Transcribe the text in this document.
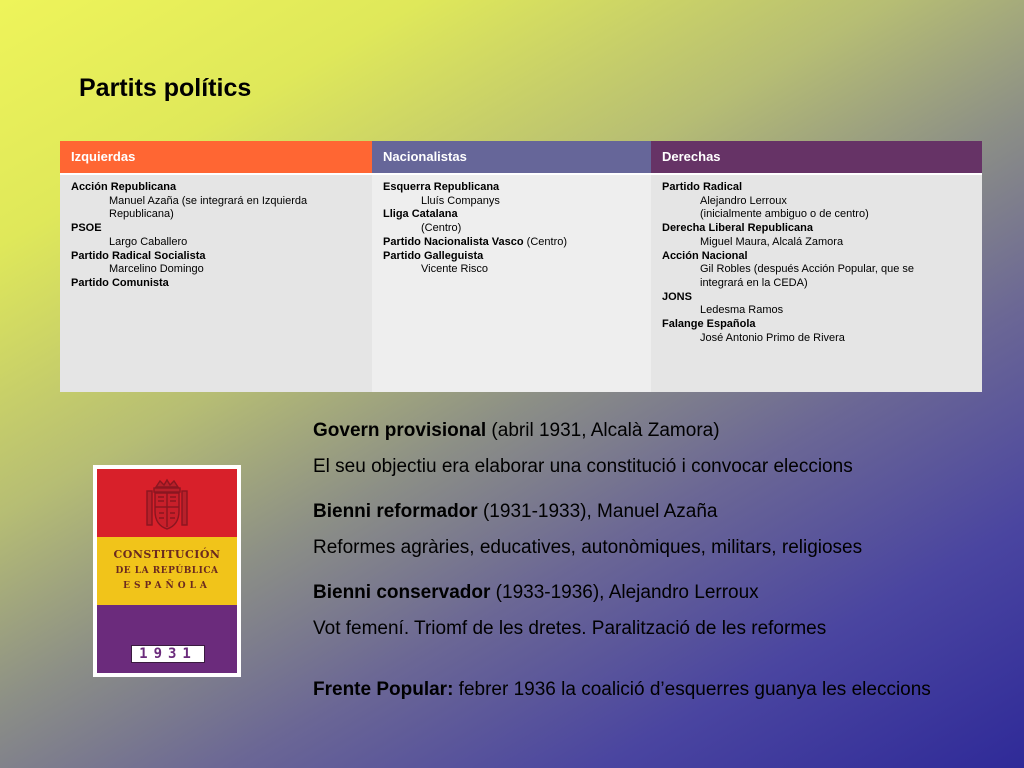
Partits polítics
Izquierdas
Acción Republicana
Manuel Azaña (se integrará en Izquierda
Republicana)
PSOE
Largo Caballero
Partido Radical Socialista
Marcelino Domingo
Partido Comunista
Nacionalistas
Esquerra Republicana
Lluís Companys
Lliga Catalana
(Centro)
Partido Nacionalista Vasco (Centro)
Partido Galleguista
Vicente Risco
Derechas
Partido Radical
Alejandro Lerroux
(inicialmente ambiguo o de centro)
Derecha Liberal Republicana
Miguel Maura, Alcalá Zamora
Acción Nacional
Gil Robles (después Acción Popular, que se
integrará en la CEDA)
JONS
Ledesma Ramos
Falange Española
José Antonio Primo de Rivera
CONSTITUCIÓN
DE LA REPÚBLICA
ESPAÑOLA
1931
Govern provisional (abril 1931, Alcalà Zamora)
El seu objectiu era elaborar una constitució i convocar eleccions
Bienni reformador (1931-1933), Manuel Azaña
Reformes agràries, educatives, autonòmiques, militars, religioses
Bienni conservador (1933-1936), Alejandro Lerroux
Vot femení. Triomf de les dretes. Paralització de les reformes
Frente Popular: febrer 1936 la coalició d’esquerres guanya les eleccions
